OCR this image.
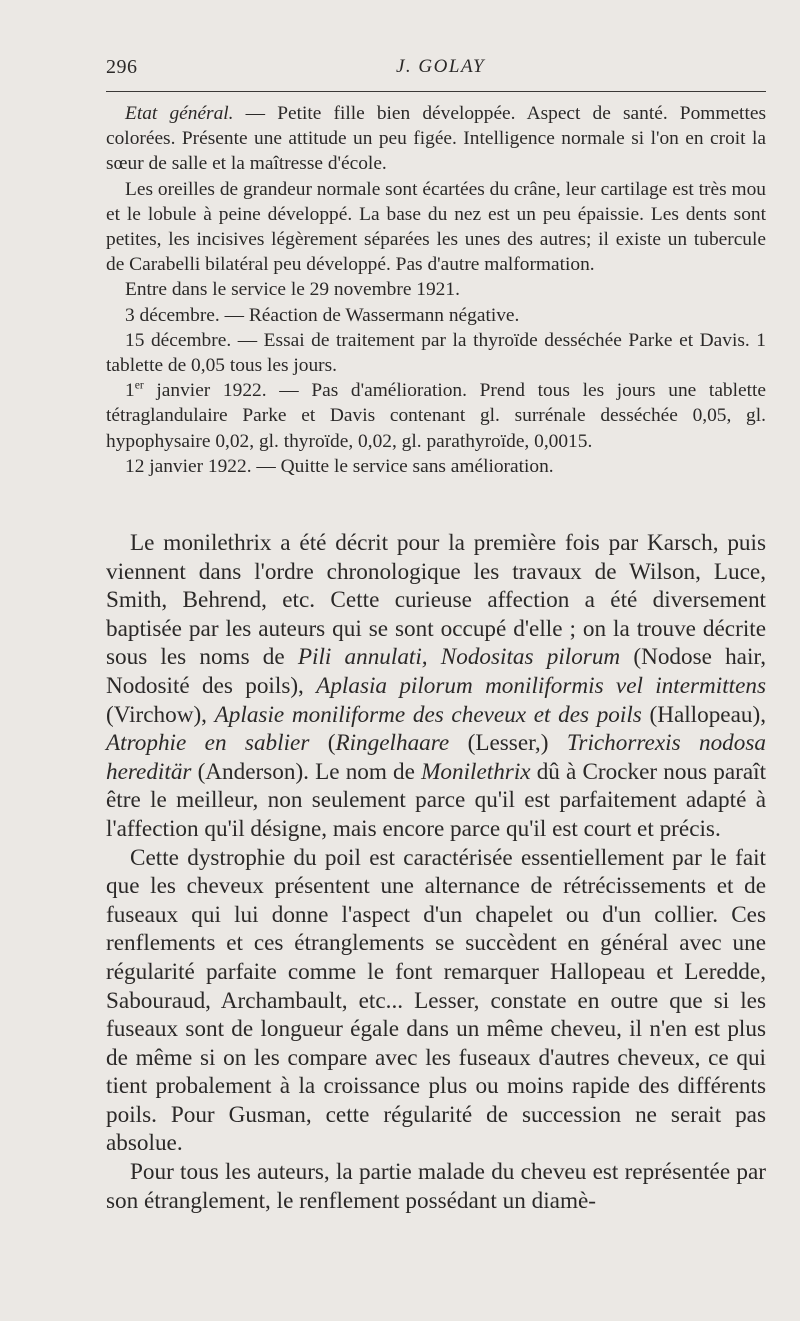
296	J. GOLAY

Etat général. — Petite fille bien développée. Aspect de santé. Pommettes colorées. Présente une attitude un peu figée. Intelligence normale si l'on en croit la sœur de salle et la maîtresse d'école.

Les oreilles de grandeur normale sont écartées du crâne, leur cartilage est très mou et le lobule à peine développé. La base du nez est un peu épaissie. Les dents sont petites, les incisives légèrement séparées les unes des autres; il existe un tubercule de Carabelli bilatéral peu développé. Pas d'autre malformation.

Entre dans le service le 29 novembre 1921.

3 décembre. — Réaction de Wassermann négative.

15 décembre. — Essai de traitement par la thyroïde desséchée Parke et Davis. 1 tablette de 0,05 tous les jours.

1er janvier 1922. — Pas d'amélioration. Prend tous les jours une tablette tétraglandulaire Parke et Davis contenant gl. surrénale desséchée 0,05, gl. hypophysaire 0,02, gl. thyroïde, 0,02, gl. parathyroïde, 0,0015.

12 janvier 1922. — Quitte le service sans amélioration.

Le monilethrix a été décrit pour la première fois par Karsch, puis viennent dans l'ordre chronologique les travaux de Wilson, Luce, Smith, Behrend, etc. Cette curieuse affection a été diversement baptisée par les auteurs qui se sont occupé d'elle ; on la trouve décrite sous les noms de Pili annulati, Nodositas pilorum (Nodose hair, Nodosité des poils), Aplasia pilorum moniliformis vel intermittens (Virchow), Aplasie moniliforme des cheveux et des poils (Hallopeau), Atrophie en sablier (Ringelhaare (Lesser,) Trichorrexis nodosa hereditär (Anderson). Le nom de Monilethrix dû à Crocker nous paraît être le meilleur, non seulement parce qu'il est parfaitement adapté à l'affection qu'il désigne, mais encore parce qu'il est court et précis.

Cette dystrophie du poil est caractérisée essentiellement par le fait que les cheveux présentent une alternance de rétrécissements et de fuseaux qui lui donne l'aspect d'un chapelet ou d'un collier. Ces renflements et ces étranglements se succèdent en général avec une régularité parfaite comme le font remarquer Hallopeau et Leredde, Sabouraud, Archambault, etc... Lesser, constate en outre que si les fuseaux sont de longueur égale dans un même cheveu, il n'en est plus de même si on les compare avec les fuseaux d'autres cheveux, ce qui tient probalement à la croissance plus ou moins rapide des différents poils. Pour Gusman, cette régularité de succession ne serait pas absolue.

Pour tous les auteurs, la partie malade du cheveu est représentée par son étranglement, le renflement possédant un diamè-
